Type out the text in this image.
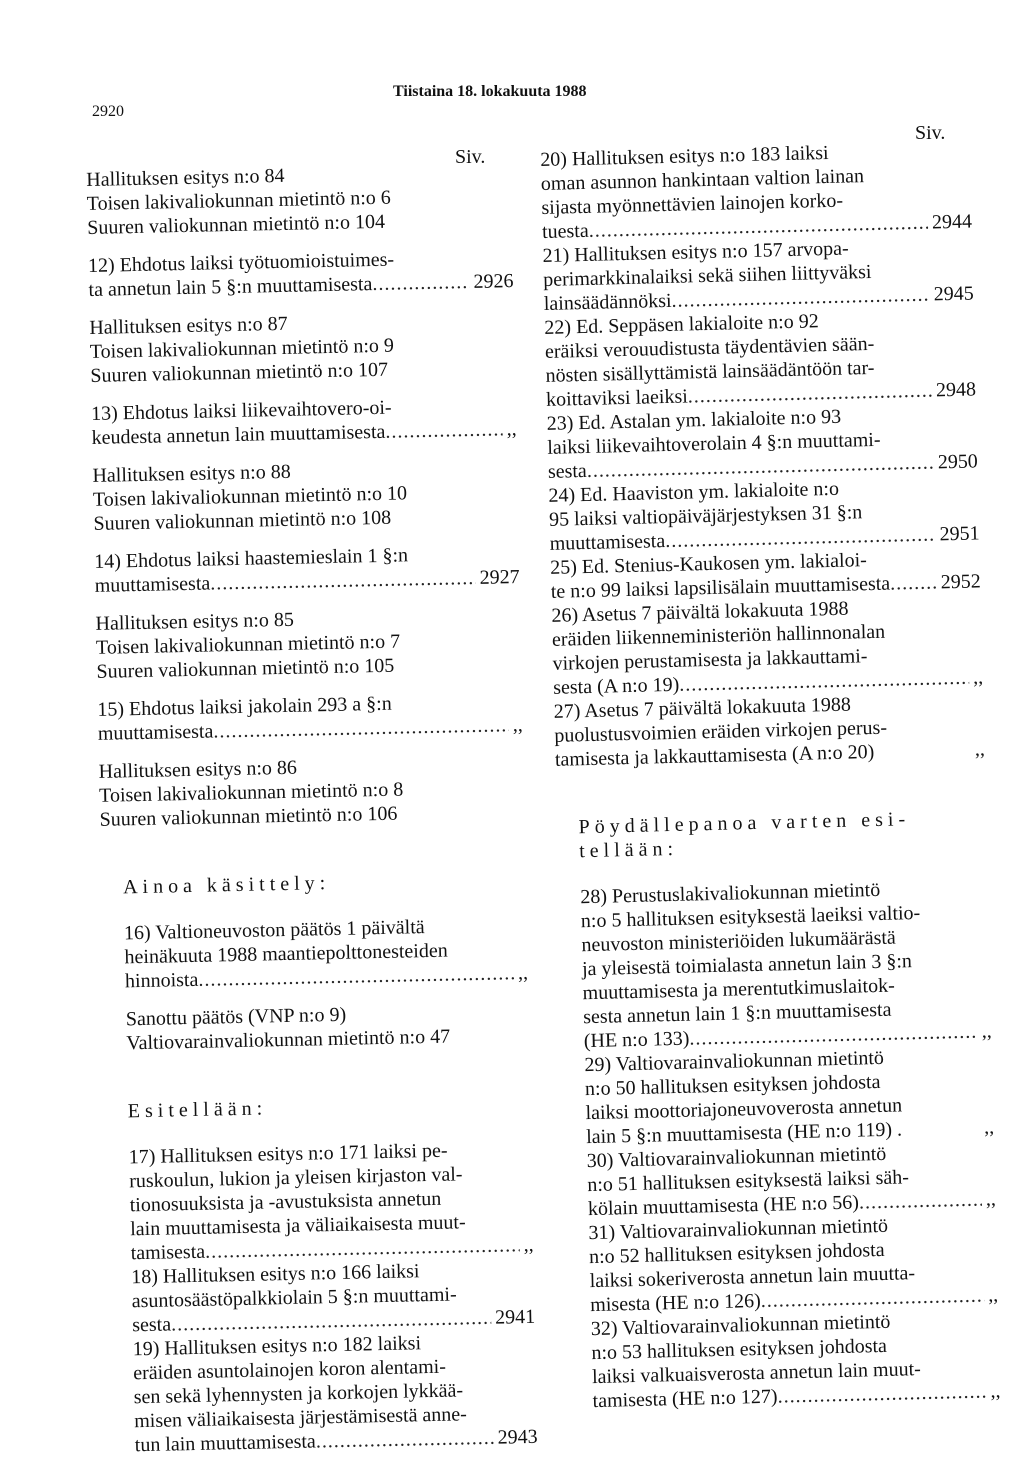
2920
Tiistaina 18. lokakuuta 1988
Siv.
Siv.
Hallituksen esitys n:o 84
Toisen lakivaliokunnan mietintö n:o 6
Suuren valiokunnan mietintö n:o 104
12) Ehdotus laiksi työtuomioistuimes-
ta annetun lain 5 §:n muuttamisesta .....	2926
Hallituksen esitys n:o 87
Toisen lakivaliokunnan mietintö n:o 9
Suuren valiokunnan mietintö n:o 107
13) Ehdotus laiksi liikevaihtovero-oi-
keudesta annetun lain muuttamisesta .....	,,
Hallituksen esitys n:o 88
Toisen lakivaliokunnan mietintö n:o 10
Suuren valiokunnan mietintö n:o 108
14) Ehdotus laiksi haastemieslain 1 §:n
muuttamisesta .....	2927
Hallituksen esitys n:o 85
Toisen lakivaliokunnan mietintö n:o 7
Suuren valiokunnan mietintö n:o 105
15) Ehdotus laiksi jakolain 293 a §:n
muuttamisesta .....	,,
Hallituksen esitys n:o 86
Toisen lakivaliokunnan mietintö n:o 8
Suuren valiokunnan mietintö n:o 106
Ainoa käsittely:
16) Valtioneuvoston päätös 1 päivältä
heinäkuuta 1988 maantiepolttonesteiden
hinnoista .....	,,
Sanottu päätös (VNP n:o 9)
Valtiovarainvaliokunnan mietintö n:o 47
Esitellään:
17) Hallituksen esitys n:o 171 laiksi pe-
ruskoulun, lukion ja yleisen kirjaston val-
tionosuuksista ja -avustuksista annetun
lain muuttamisesta ja väliaikaisesta muut-
tamisesta .....	,,
18) Hallituksen esitys n:o 166 laiksi
asuntosäästöpalkkiolain 5 §:n muuttami-
sesta .....	2941
19) Hallituksen esitys n:o 182 laiksi
eräiden asuntolainojen koron alentami-
sen sekä lyhennysten ja korkojen lykkää-
misen väliaikaisesta järjestämisestä anne-
tun lain muuttamisesta .....	2943
20) Hallituksen esitys n:o 183 laiksi
oman asunnon hankintaan valtion lainan
sijasta myönnettävien lainojen korko-
tuesta .....	2944
21) Hallituksen esitys n:o 157 arvopa-
perimarkkinalaiksi sekä siihen liittyväksi
lainsäädännöksi .....	2945
22) Ed. Seppäsen lakialoite n:o 92
eräiksi verouudistusta täydentävien sään-
nösten sisällyttämistä lainsäädäntöön tar-
koittaviksi laeiksi .....	2948
23) Ed. Astalan ym. lakialoite n:o 93
laiksi liikevaihtoverolain 4 §:n muuttami-
sesta .....	2950
24) Ed. Haaviston ym. lakialoite n:o
95 laiksi valtiopäiväjärjestyksen 31 §:n
muuttamisesta .....	2951
25) Ed. Stenius-Kaukosen ym. lakialoi-
te n:o 99 laiksi lapsilisälain muuttamisesta .....	2952
26) Asetus 7 päivältä lokakuuta 1988
eräiden liikenneministeriön hallinnonalan
virkojen perustamisesta ja lakkauttami-
sesta (A n:o 19) .....	,,
27) Asetus 7 päivältä lokakuuta 1988
puolustusvoimien eräiden virkojen perus-
tamisesta ja lakkauttamisesta (A n:o 20)	,,
Pöydällepanoa varten esi-
tellään:
28) Perustuslakivaliokunnan mietintö
n:o 5 hallituksen esityksestä laeiksi valtio-
neuvoston ministeriöiden lukumäärästä
ja yleisestä toimialasta annetun lain 3 §:n
muuttamisesta ja merentutkimuslaitok-
sesta annetun lain 1 §:n muuttamisesta
(HE n:o 133) .....	,,
29) Valtiovarainvaliokunnan mietintö
n:o 50 hallituksen esityksen johdosta
laiksi moottoriajoneuvoverosta annetun
lain 5 §:n muuttamisesta (HE n:o 119) .	,,
30) Valtiovarainvaliokunnan mietintö
n:o 51 hallituksen esityksestä laiksi säh-
kölain muuttamisesta (HE n:o 56) .....	,,
31) Valtiovarainvaliokunnan mietintö
n:o 52 hallituksen esityksen johdosta
laiksi sokeriverosta annetun lain muutta-
misesta (HE n:o 126) .....	,,
32) Valtiovarainvaliokunnan mietintö
n:o 53 hallituksen esityksen johdosta
laiksi valkuaisverosta annetun lain muut-
tamisesta (HE n:o 127) .....	,,
